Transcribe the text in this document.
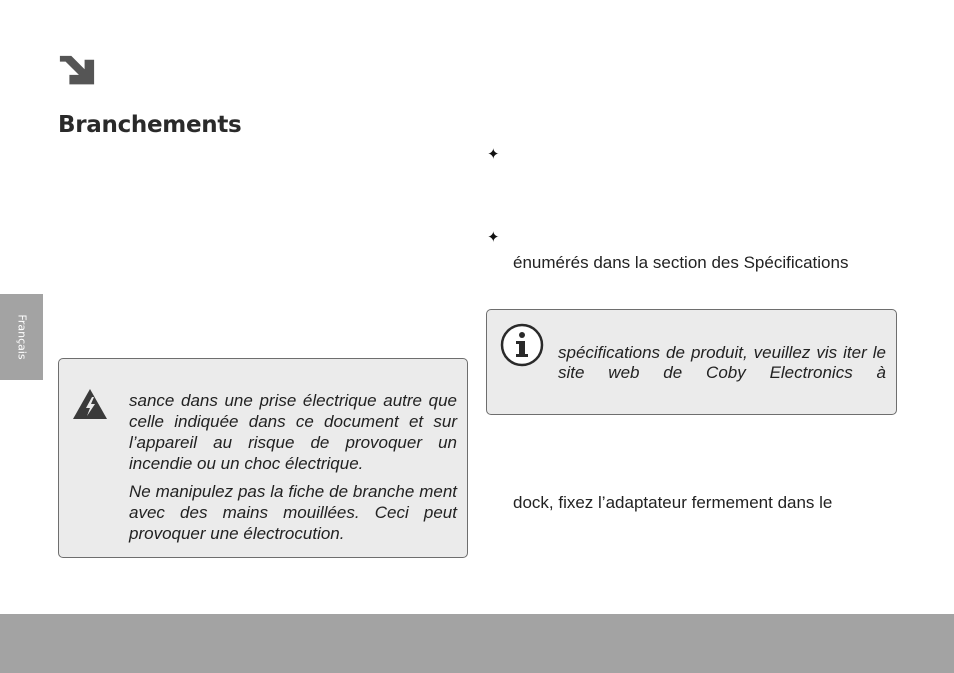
Branchements
Français

sance dans une prise électrique autre que celle indiquée dans ce document et sur l’appareil au risque de provoquer un incendie ou un choc électrique.

Ne manipulez pas la fiche de branche ment avec des mains mouillées. Ceci peut provoquer une électrocution.

✦
✦
énumérés dans la section des Spécifications
spécifications de produit, veuillez vis iter le site web de Coby Electronics à
dock, fixez l’adaptateur fermement dans le
